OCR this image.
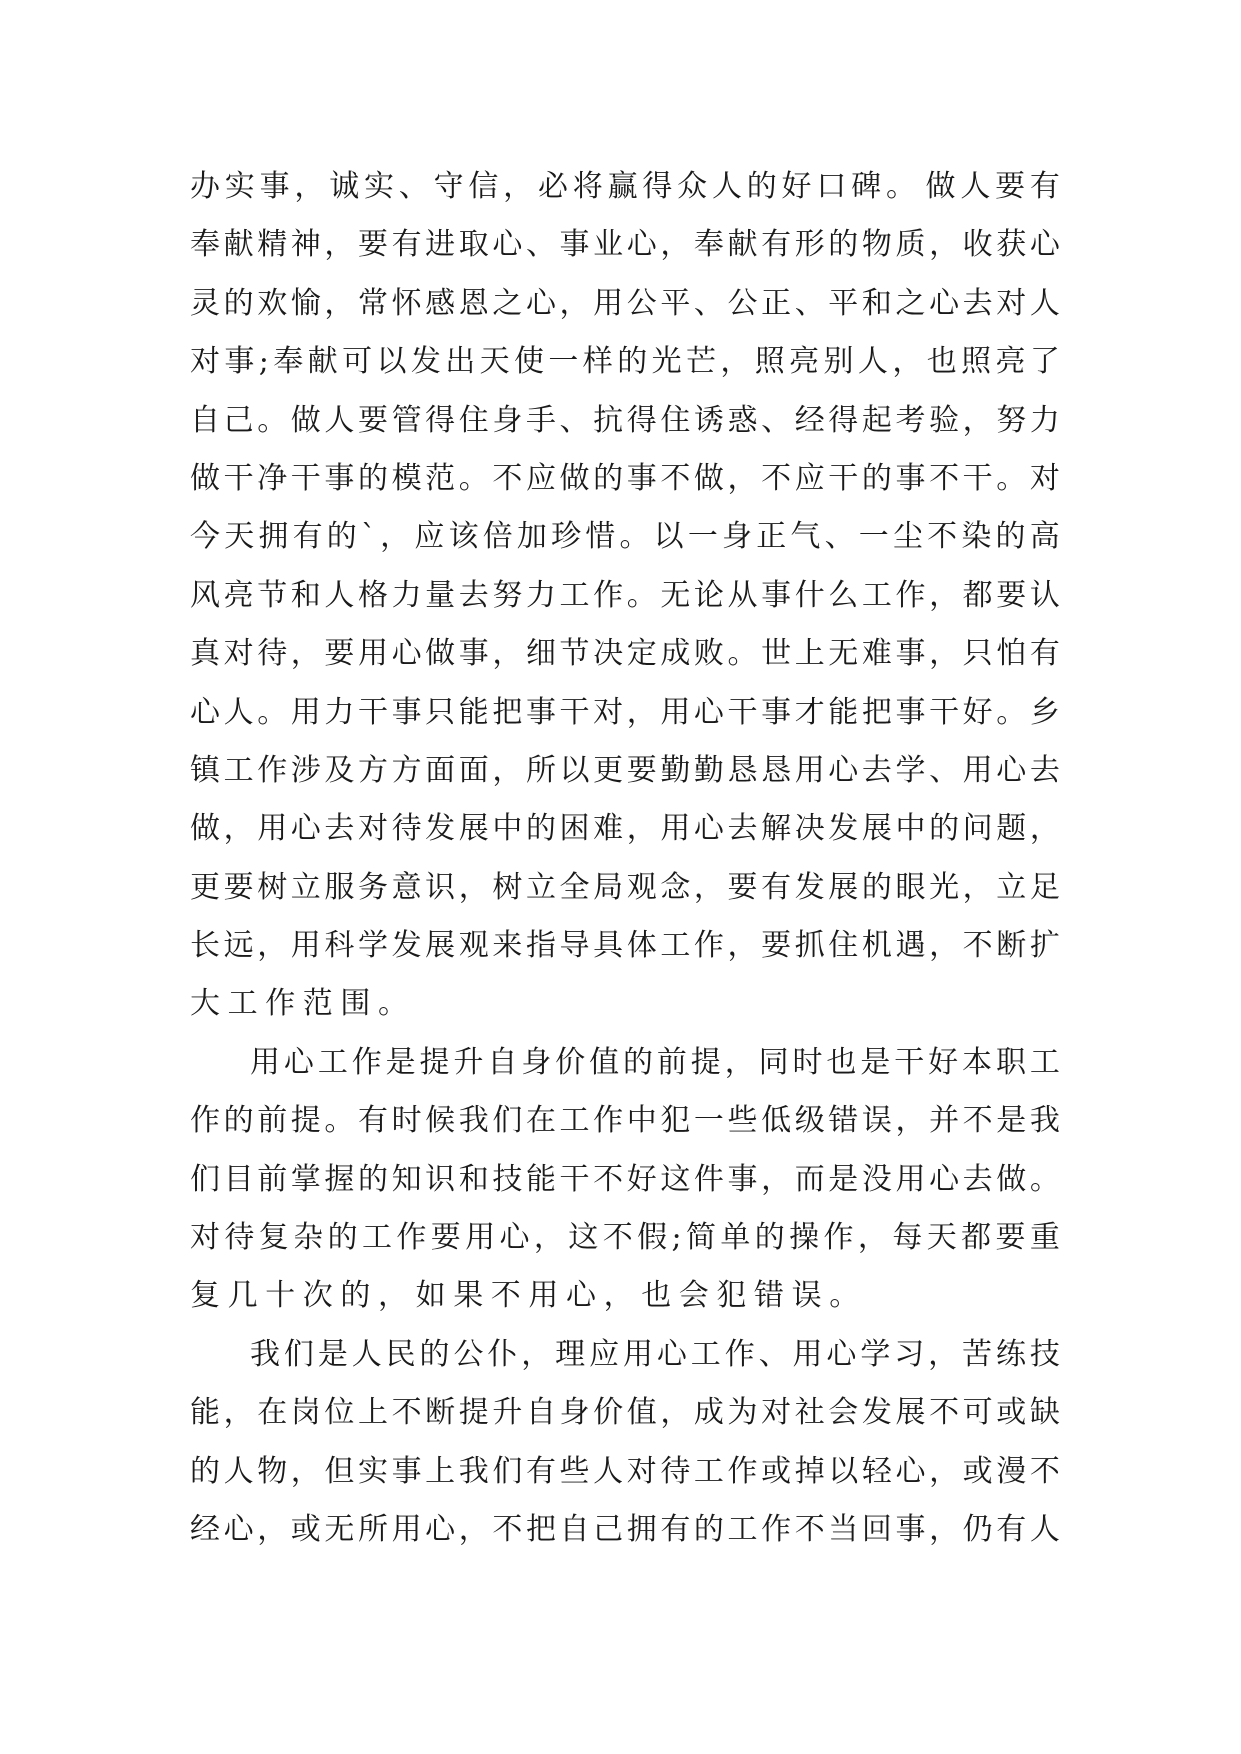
办 实 事 ， 诚 实 、 守 信 ， 必 将 赢 得 众 人 的 好 口 碑 。 做 人 要 有
奉 献 精 神 ， 要 有 进 取 心 、 事 业 心 ， 奉 献 有 形 的 物 质 ， 收 获 心
灵 的 欢 愉 ， 常 怀 感 恩 之 心 ， 用 公 平 、 公 正 、 平 和 之 心 去 对 人
对 事 ; 奉 献 可 以 发 出 天 使 一 样 的 光 芒 ， 照 亮 别 人 ， 也 照 亮 了
自 己 。 做 人 要 管 得 住 身 手 、 抗 得 住 诱 惑 、 经 得 起 考 验 ， 努 力
做 干 净 干 事 的 模 范 。 不 应 做 的 事 不 做 ， 不 应 干 的 事 不 干 。 对
今 天 拥 有 的 ` ， 应 该 倍 加 珍 惜 。 以 一 身 正 气 、 一 尘 不 染 的 高
风 亮 节 和 人 格 力 量 去 努 力 工 作 。 无 论 从 事 什 么 工 作 ， 都 要 认
真 对 待 ， 要 用 心 做 事 ， 细 节 决 定 成 败 。 世 上 无 难 事 ， 只 怕 有
心 人 。 用 力 干 事 只 能 把 事 干 对 ， 用 心 干 事 才 能 把 事 干 好 。 乡
镇 工 作 涉 及 方 方 面 面 ， 所 以 更 要 勤 勤 恳 恳 用 心 去 学 、 用 心 去
做 ， 用 心 去 对 待 发 展 中 的 困 难 ， 用 心 去 解 决 发 展 中 的 问 题 ，
更 要 树 立 服 务 意 识 ， 树 立 全 局 观 念 ， 要 有 发 展 的 眼 光 ， 立 足
长 远 ， 用 科 学 发 展 观 来 指 导 具 体 工 作 ， 要 抓 住 机 遇 ， 不 断 扩
大工作范围。
用 心 工 作 是 提 升 自 身 价 值 的 前 提 ， 同 时 也 是 干 好 本 职 工
作 的 前 提 。 有 时 候 我 们 在 工 作 中 犯 一 些 低 级 错 误 ， 并 不 是 我
们 目 前 掌 握 的 知 识 和 技 能 干 不 好 这 件 事 ， 而 是 没 用 心 去 做 。
对 待 复 杂 的 工 作 要 用 心 ， 这 不 假 ; 简 单 的 操 作 ， 每 天 都 要 重
复几十次的，如果不用心，也会犯错误。
我 们 是 人 民 的 公 仆 ， 理 应 用 心 工 作 、 用 心 学 习 ， 苦 练 技
能 ， 在 岗 位 上 不 断 提 升 自 身 价 值 ， 成 为 对 社 会 发 展 不 可 或 缺
的 人 物 ， 但 实 事 上 我 们 有 些 人 对 待 工 作 或 掉 以 轻 心 ， 或 漫 不
经 心 ， 或 无 所 用 心 ， 不 把 自 己 拥 有 的 工 作 不 当 回 事 ， 仍 有 人
